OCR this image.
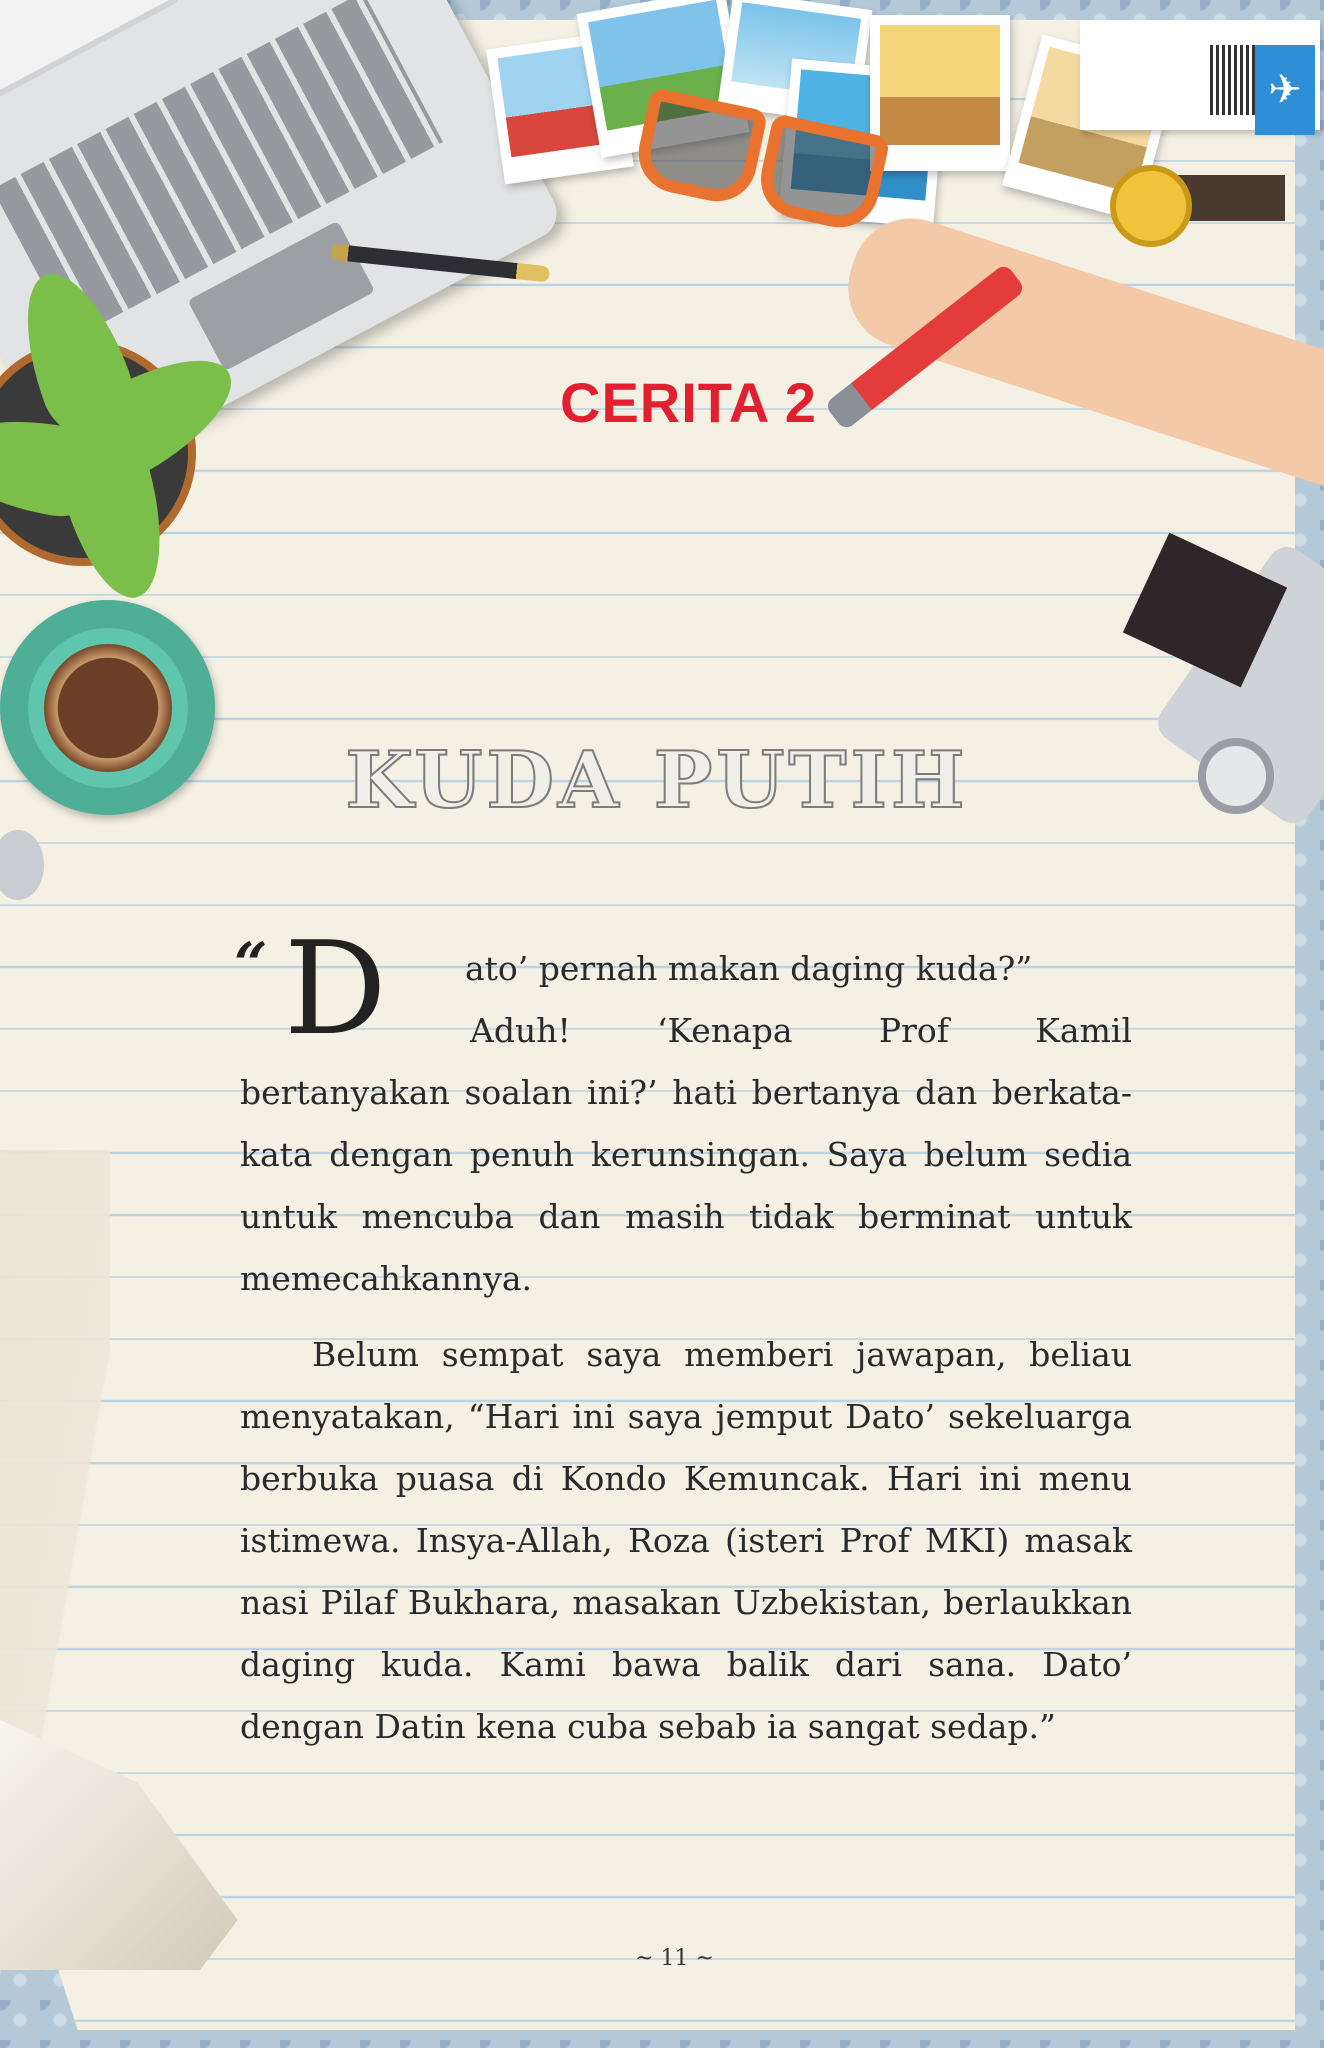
✈
CERITA 2
KUDA PUTIH
“ D	ato’ pernah makan daging kuda?”

Aduh! ‘Kenapa Prof Kamil

bertanyakan soalan ini?’ hati bertanya dan berkata-kata dengan penuh kerunsingan. Saya belum sedia untuk mencuba dan masih tidak berminat untuk memecahkannya.

Belum sempat saya memberi jawapan, beliau menyatakan, “Hari ini saya jemput Dato’ sekeluarga berbuka puasa di Kondo Kemuncak. Hari ini menu istimewa. Insya-Allah, Roza (isteri Prof MKI) masak nasi Pilaf Bukhara, masakan Uzbekistan, berlaukkan daging kuda. Kami bawa balik dari sana. Dato’ dengan Datin kena cuba sebab ia sangat sedap.”

~ 11 ~
